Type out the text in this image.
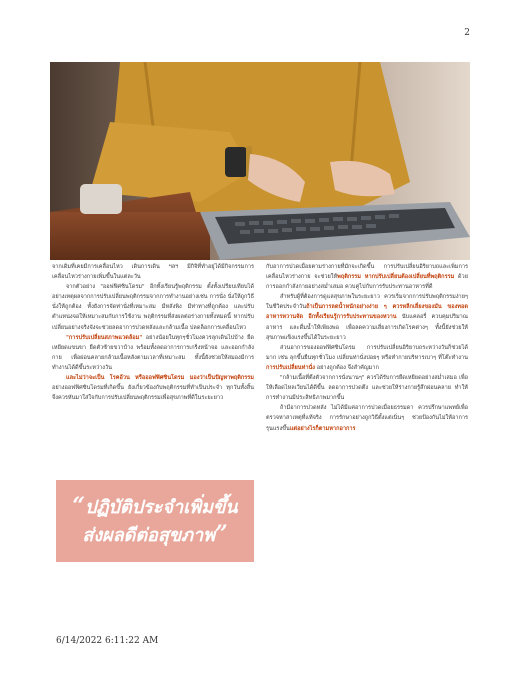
2

จากเดิมที่เคยมีการเคลื่อนไหว เดินการเดิน ฯลฯ มีกิจิที่ทำอยู่ได้มีกิจกรรมการเคลื่อนไหวร่างกายเพิ่มขึ้นในแต่ละวัน

จากตัวอย่าง "ออฟฟิศซินโดรม" อีกทั้งเรียนรู้พฤติกรรม ตั้งทั้งเปรียบเทียบได้ อย่างเหตุผลจากการปรับเปลี่ยนพฤติกรรมจากการทำงานอย่างเช่น การนั่ง นั่งให้ถูกวิธี นั่งให้ถูกต้อง ทั้งยังการจัดท่านั่งที่เหมาะสม มีหลังพิง มีท่าทางที่ถูกต้อง และปรับตำแหน่งจอให้เหมาะสมกับการใช้งาน พฤติกรรมที่ส่งผลต่อร่างกายทั้งหมดนี้ หากปรับเปลี่ยนอย่างจริงจังจะช่วยลดอาการปวดหลังและกล้ามเนื้อ ปลดล็อกการเคลื่อนไหว

"การปรับเปลี่ยนสภาพแวดล้อม" อย่างน้อยในทุกๆชั่วโมงควรลุกเดินไปบ้าง ยืดเหยียดแขนขา ยืดตัวซ้ายขวาบ้าง พร้อมทั้งลดอาการการเกร็งหน้าจอ และออกกำลังกาย เพื่อผ่อนคลายกล้ามเนื้อหลังตามเวลาที่เหมาะสม ทั้งนี้ยังช่วยให้สมองมีการทำงานได้ดีขึ้นระหว่างวัน

และไม่ว่าจะเป็น โรคอ้วน หรือออฟฟิศซินโดรม มองว่าเป็นปัญหาพฤติกรรม อย่างออฟฟิศซินโดรมที่เกิดขึ้น ยังเกี่ยวข้องกับพฤติกรรมที่ทำเป็นประจำ ทุกวันทั้งสิ้น จึงควรหันมาใส่ใจกับการปรับเปลี่ยนพฤติกรรมเพื่อสุขภาพที่ดีในระยะยาว

“ปฏิบัติประจำเพิ่มขึ้น
ส่งผลดีต่อสุขภาพ”

กับอาการปวดเมื่อยตามร่างกายที่มักจะเกิดขึ้น การปรับเปลี่ยนอิริยาบถและเพิ่มการเคลื่อนไหวร่างกาย จะช่วยให้พฤติกรรม หากปรับเปลี่ยนต้องเปลี่ยนที่พฤติกรรม ด้วยการออกกำลังกายอย่างสม่ำเสมอ ควบคู่ไปกับการรับประทานอาหารที่ดี

สำหรับผู้ที่ต้องการดูแลสุขภาพในระยะยาว ควรเริ่มจากการปรับพฤติกรรมง่ายๆ ในชีวิตประจำวันถ้าเป็นการลดน้ำหนักอย่างง่าย ๆ ควรหลีกเลี่ยงของมัน ของทอด อาหารหวานจัด อีกทั้งเรียนรู้การรับประทานของหวาน นับแคลอรี่ ควบคุมปริมาณอาหาร และดื่มน้ำให้เพียงพอ เพื่อลดความเสี่ยงการเกิดโรคต่างๆ ทั้งนี้ยังช่วยให้สุขภาพแข็งแรงขึ้นได้ในระยะยาว

ส่วนอาการของออฟฟิศซินโดรม การปรับเปลี่ยนอิริยาบถระหว่างวันก็ช่วยได้มาก เช่น ลุกขึ้นยืนทุกชั่วโมง เปลี่ยนท่านั่งบ่อยๆ หรือทำกายบริหารเบาๆ ที่โต๊ะทำงานการปรับเปลี่ยนท่านั่ง อย่างถูกต้อง จึงสำคัญมาก

"กล้ามเนื้อที่ตึงตัวจากการนั่งนานๆ" ควรได้รับการยืดเหยียดอย่างสม่ำเสมอ เพื่อให้เลือดไหลเวียนได้ดีขึ้น ลดอาการปวดตึง และช่วยให้ร่างกายรู้สึกผ่อนคลาย ทำให้การทำงานมีประสิทธิภาพมากขึ้น

ถ้ามีอาการปวดหลัง ไม่ได้มีแค่อาการปวดเมื่อยธรรมดา ควรปรึกษาแพทย์เพื่อตรวจหาสาเหตุที่แท้จริง การรักษาอย่างถูกวิธีตั้งแต่เนิ่นๆ ช่วยป้องกันไม่ให้อาการรุนแรงขึ้นแต่อย่างไรก็ตามหากอาการ

6/14/2022 6:11:22 AM
